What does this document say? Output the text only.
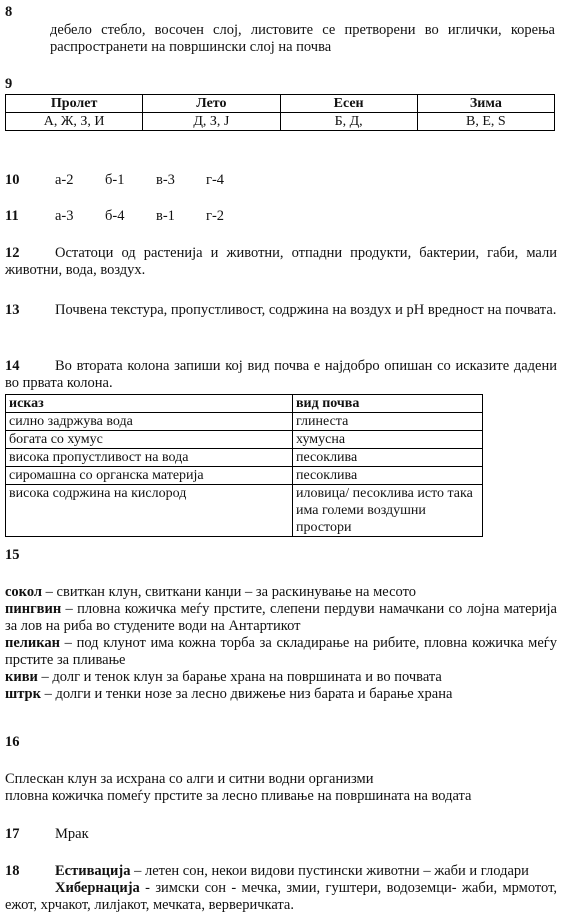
8
дебело стебло, восочен слој, листовите се претворени во иглички, корења распространети на површински слој на почва
9
Пролет	Лето	Есен	Зима
А, Ж, З, И	Д, З, Ј	Б, Д,	В, Е, Ѕ
10 а-2 б-1 в-3 г-4
11	а-3 б-4 в-1 г-2
12 Остатоци од растенија и животни, отпадни продукти, бактерии, габи, мали животни, вода, воздух.
13 Почвена текстура, пропустливост, содржина на воздух и pH вредност на почвата.
14 Во втората колона запиши кој вид почва е најдобро опишан со исказите дадени во првата колона.
исказ	вид почва
силно задржува вода	глинеста
богата со хумус	хумусна
висока пропустливост на вода	песоклива
сиромашна со органска материја	песоклива
висока содржина на кислород	иловица/ песоклива исто така има големи воздушни простори
15
сокол – свиткан клун, свиткани канџи – за раскинување на месото
пингвин – пловна кожичка меѓу прстите, слепени пердуви намачкани со лојна материја за лов на риба во студените води на Антартикот
пеликан – под клунот има кожна торба за складирање на рибите, пловна кожичка меѓу прстите за пливање
киви – долг и тенок клун за барање храна на површината и во почвата
штрк – долги и тенки нозе за лесно движење низ барата и барање храна
16
Сплескан клун за исхрана со алги и ситни водни организми
пловна кожичка помеѓу прстите за лесно пливање на површината на водата
17 Мрак
18 Естивација – летен сон, некои видови пустински животни – жаби и глодари
Хибернација - зимски сон - мечка, змии, гуштери, водоземци- жаби, мрмотот, ежот, хрчакот, лилјакот, мечката, верверичката.
